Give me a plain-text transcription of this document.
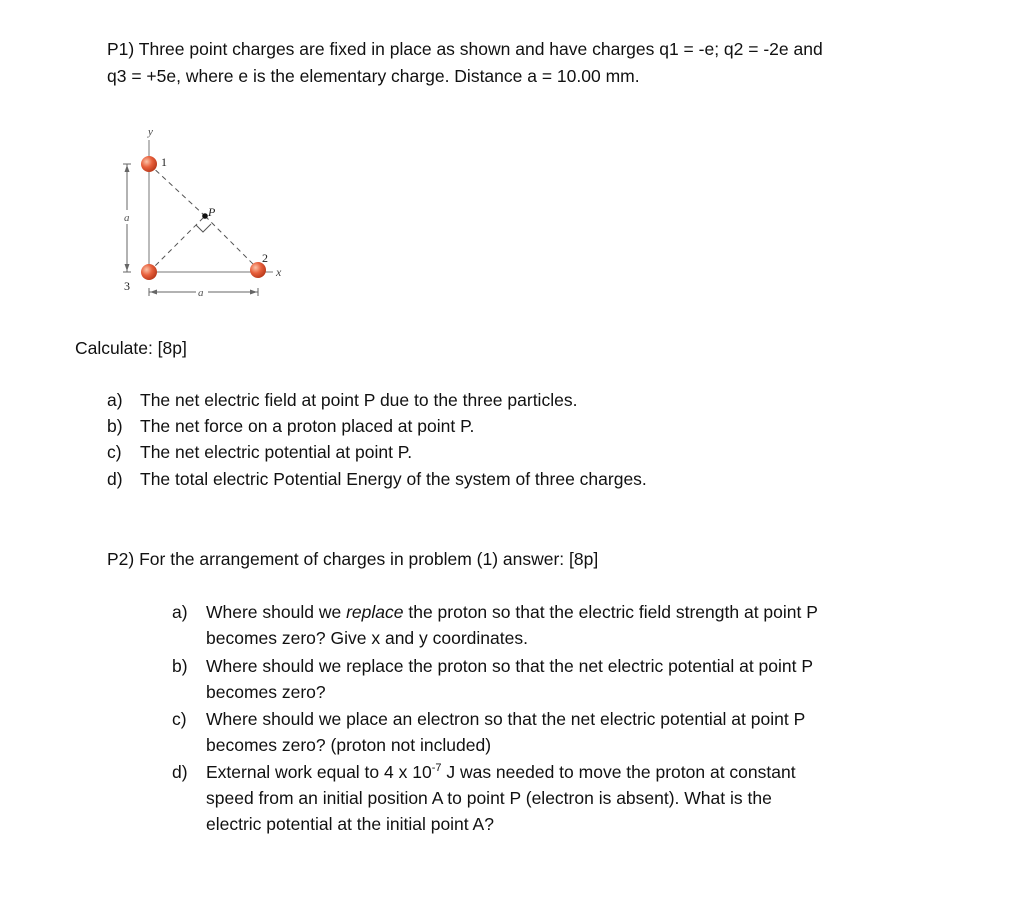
P1) Three point charges are fixed in place as shown and have charges q1 = -e; q2 = -2e and

q3 = +5e, where e is the elementary charge. Distance a = 10.00 mm.

y
x
P
a
a
1
2
3

Calculate: [8p]

a) The net electric field at point P due to the three particles.
b) The net force on a proton placed at point P.
c) The net electric potential at point P.
d) The total electric Potential Energy of the system of three charges.

P2) For the arrangement of charges in problem (1) answer: [8p]

a) Where should we replace the proton so that the electric field strength at point P
becomes zero? Give x and y coordinates.
b) Where should we replace the proton so that the net electric potential at point P
becomes zero?
c) Where should we place an electron so that the net electric potential at point P
becomes zero? (proton not included)
d) External work equal to 4 x $10^{-7}$ J was needed to move the proton at constant
speed from an initial position A to point P (electron is absent). What is the
electric potential at the initial point A?
